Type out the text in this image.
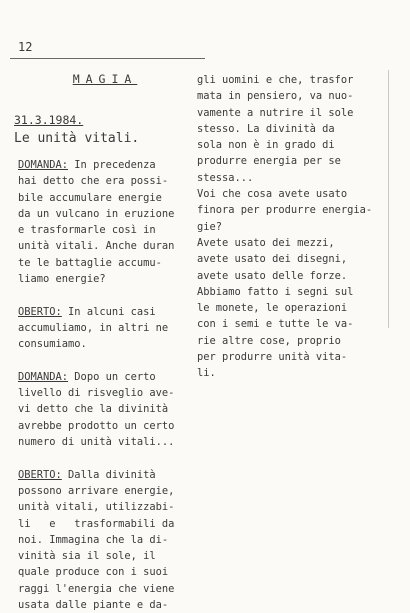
12
MAGIA
31.3.1984.
Le unità vitali.
DOMANDA: In precedenza
hai detto che era possi-
bile accumulare energie
da un vulcano in eruzione
e trasformarle così in
unità vitali. Anche duran
te le battaglie accumu-
liamo energie?
OBERTO: In alcuni casi
accumuliamo, in altri ne
consumiamo.
DOMANDA: Dopo un certo
livello di risveglio ave-
vi detto che la divinità
avrebbe prodotto un certo
numero di unità vitali...
OBERTO: Dalla divinità
possono arrivare energie,
unità vitali, utilizzabi-
li   e   trasformabili da
noi. Immagina che la di-
vinità sia il sole, il
quale produce con i suoi
raggi l'energia che viene
usata dalle piante e da-
gli uomini e che, trasfor
mata in pensiero, va nuo-
vamente a nutrire il sole
stesso. La divinità da
sola non è in grado di
produrre energia per se
stessa...
Voi che cosa avete usato
finora per produrre energia-
gie?
Avete usato dei mezzi,
avete usato dei disegni,
avete usato delle forze.
Abbiamo fatto i segni sul
le monete, le operazioni
con i semi e tutte le va-
rie altre cose, proprio
per produrre unità vita-
li.
